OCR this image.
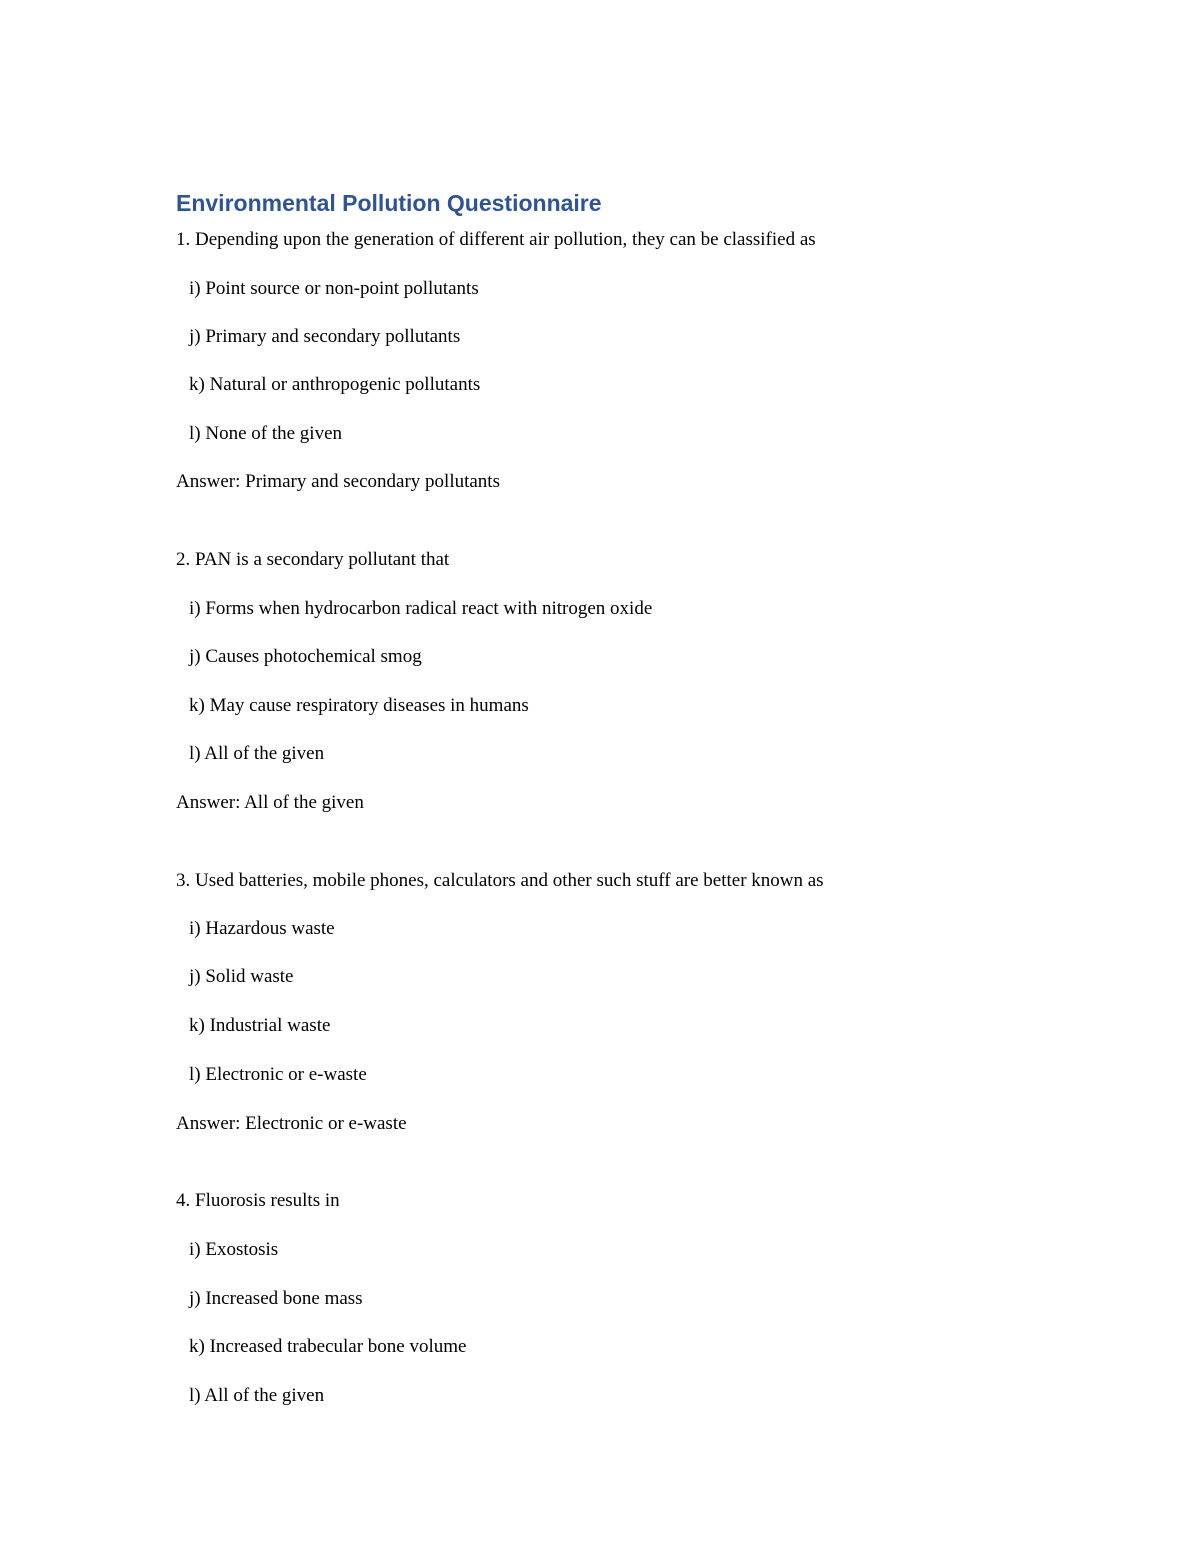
Environmental Pollution Questionnaire
1. Depending upon the generation of different air pollution, they can be classified as
i) Point source or non-point pollutants
j) Primary and secondary pollutants
k) Natural or anthropogenic pollutants
l) None of the given
Answer: Primary and secondary pollutants
2. PAN is a secondary pollutant that
i) Forms when hydrocarbon radical react with nitrogen oxide
j) Causes photochemical smog
k) May cause respiratory diseases in humans
l) All of the given
Answer: All of the given
3. Used batteries, mobile phones, calculators and other such stuff are better known as
i) Hazardous waste
j) Solid waste
k) Industrial waste
l) Electronic or e-waste
Answer: Electronic or e-waste
4. Fluorosis results in
i) Exostosis
j) Increased bone mass
k) Increased trabecular bone volume
l) All of the given
